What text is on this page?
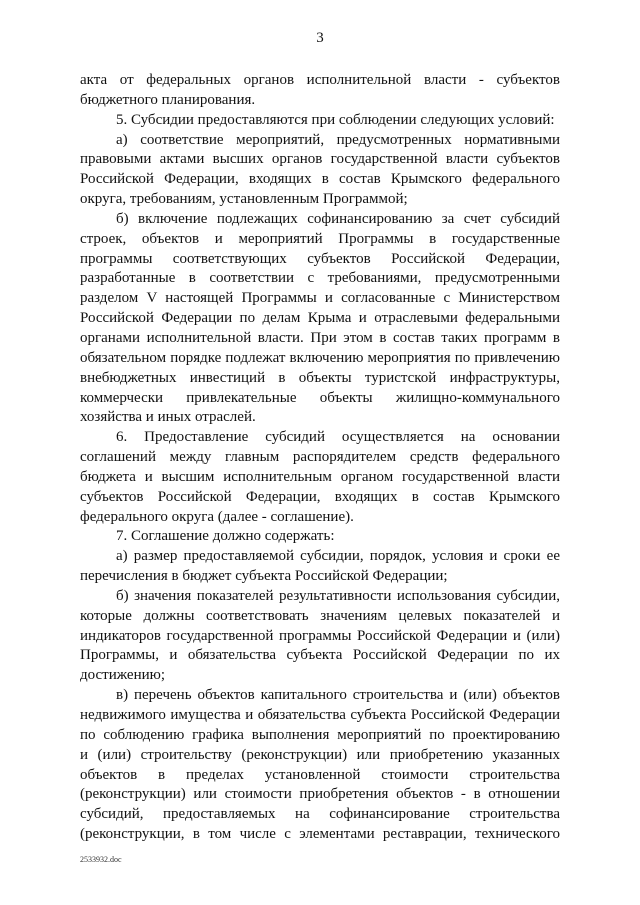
3
акта от федеральных органов исполнительной власти - субъектов
бюджетного планирования.
5. Субсидии предоставляются при соблюдении следующих условий:
а) соответствие мероприятий, предусмотренных нормативными
правовыми актами высших органов государственной власти субъектов
Российской Федерации, входящих в состав Крымского федерального
округа, требованиям, установленным Программой;
б) включение подлежащих софинансированию за счет субсидий
строек, объектов и мероприятий Программы в государственные
программы соответствующих субъектов Российской Федерации,
разработанные в соответствии с требованиями, предусмотренными
разделом V настоящей Программы и согласованные с Министерством
Российской Федерации по делам Крыма и отраслевыми федеральными
органами исполнительной власти. При этом в состав таких программ в
обязательном порядке подлежат включению мероприятия по привлечению
внебюджетных инвестиций в объекты туристской инфраструктуры,
коммерчески привлекательные объекты жилищно-коммунального
хозяйства и иных отраслей.
6. Предоставление субсидий осуществляется на основании
соглашений между главным распорядителем средств федерального
бюджета и высшим исполнительным органом государственной власти
субъектов Российской Федерации, входящих в состав Крымского
федерального округа (далее - соглашение).
7. Соглашение должно содержать:
а) размер предоставляемой субсидии, порядок, условия и сроки ее
перечисления в бюджет субъекта Российской Федерации;
б) значения показателей результативности использования субсидии,
которые должны соответствовать значениям целевых показателей и
индикаторов государственной программы Российской Федерации и (или)
Программы, и обязательства субъекта Российской Федерации по их
достижению;
в) перечень объектов капитального строительства и (или) объектов
недвижимого имущества и обязательства субъекта Российской Федерации
по соблюдению графика выполнения мероприятий по проектированию
и (или) строительству (реконструкции) или приобретению указанных
объектов в пределах установленной стоимости строительства
(реконструкции) или стоимости приобретения объектов - в отношении
субсидий, предоставляемых на софинансирование строительства
(реконструкции, в том числе с элементами реставрации, технического
2533932.doc
